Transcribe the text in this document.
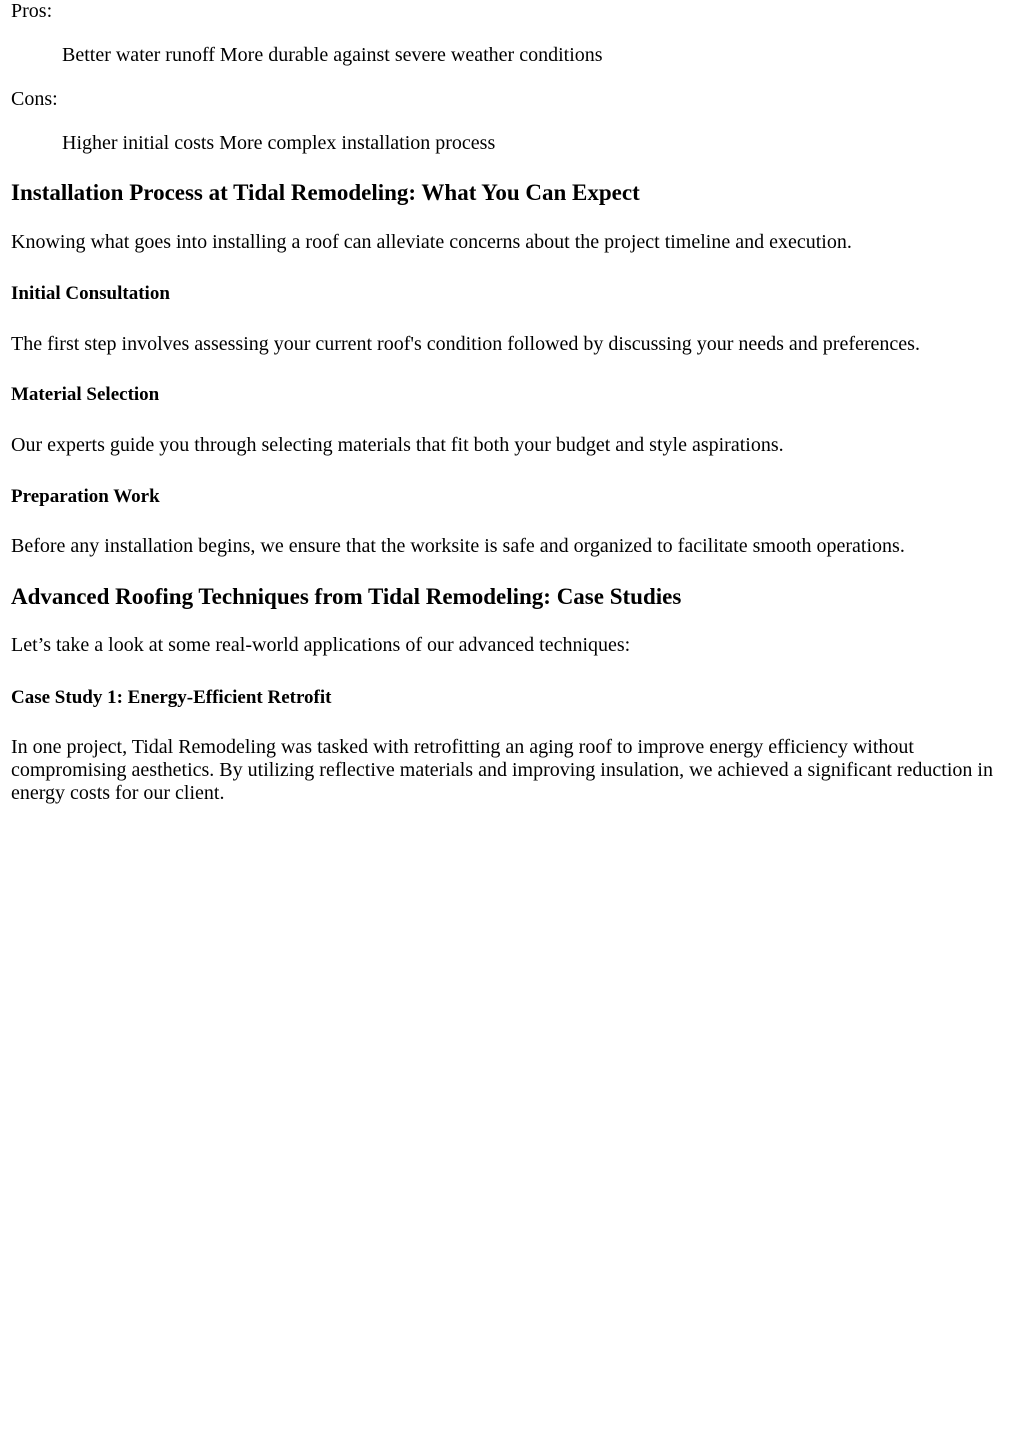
Pros:

Better water runoff More durable against severe weather conditions

Cons:

Higher initial costs More complex installation process

Installation Process at Tidal Remodeling: What You Can Expect

Knowing what goes into installing a roof can alleviate concerns about the project timeline and execution.

Initial Consultation

The first step involves assessing your current roof's condition followed by discussing your needs and preferences.

Material Selection

Our experts guide you through selecting materials that fit both your budget and style aspirations.

Preparation Work

Before any installation begins, we ensure that the worksite is safe and organized to facilitate smooth operations.

Advanced Roofing Techniques from Tidal Remodeling: Case Studies

Let’s take a look at some real-world applications of our advanced techniques:

Case Study 1: Energy-Efficient Retrofit

In one project, Tidal Remodeling was tasked with retrofitting an aging roof to improve energy efficiency without compromising aesthetics. By utilizing reflective materials and improving insulation, we achieved a significant reduction in energy costs for our client.
